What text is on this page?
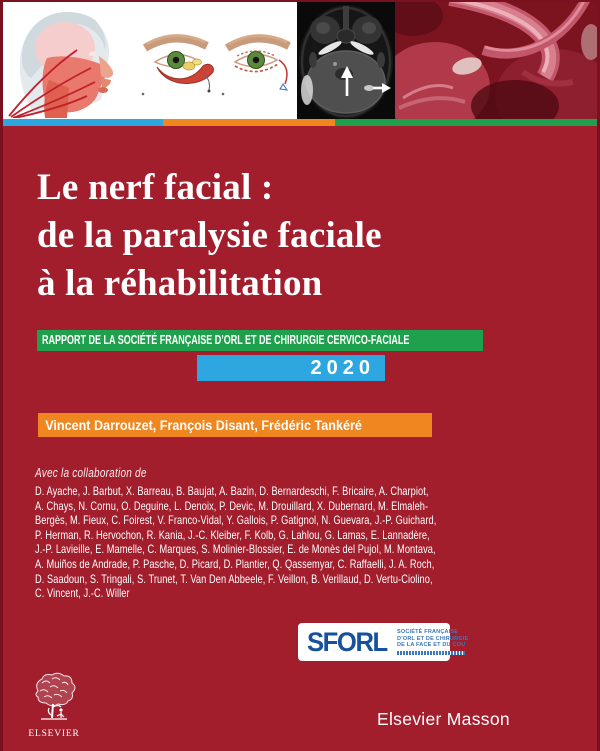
Le nerf facial :
de la paralysie faciale
à la réhabilitation
RAPPORT DE LA SOCIÉTÉ FRANÇAISE D’ORL ET DE CHIRURGIE CERVICO-FACIALE
2020
Vincent Darrouzet, François Disant, Frédéric Tankéré

Avec la collaboration de

D. Ayache, J. Barbut, X. Barreau, B. Baujat, A. Bazin, D. Bernardeschi, F. Bricaire, A. Charpiot,
A. Chays, N. Cornu, O. Deguine, L. Denoix, P. Devic, M. Drouillard, X. Dubernard, M. Elmaleh-
Bergès, M. Fieux, C. Foirest, V. Franco-Vidal, Y. Gallois, P. Gatignol, N. Guevara, J.-P. Guichard,
P. Herman, R. Hervochon, R. Kania, J.-C. Kleiber, F. Kolb, G. Lahlou, G. Lamas, E. Lannadère,
J.-P. Lavieille, E. Mamelle, C. Marques, S. Molinier-Blossier, E. de Monès del Pujol, M. Montava,
A. Muiños de Andrade, P. Pasche, D. Picard, D. Plantier, Q. Qassemyar, C. Raffaelli, J. A. Roch,
D. Saadoun, S. Tringali, S. Trunet, T. Van Den Abbeele, F. Veillon, B. Verillaud, D. Vertu-Ciolino,
C. Vincent, J.-C. Willer
SFORL SOCIÉTÉ FRANÇAISE
D’ORL ET DE CHIRURGIE
DE LA FACE ET DU COU
ELSEVIER
Elsevier Masson
